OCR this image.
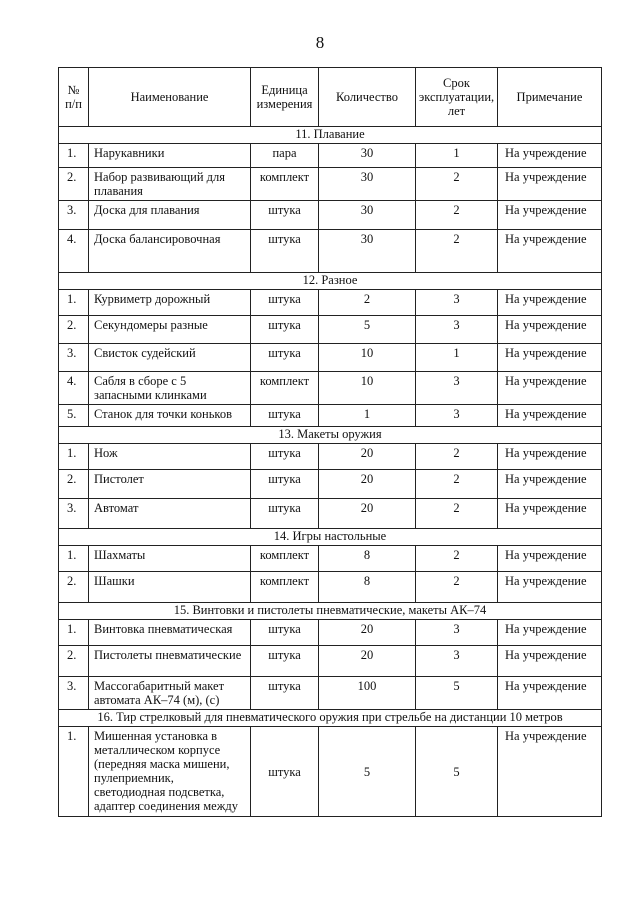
8
№ п/п	Наименование	Единица измерения	Количество	Срок эксплуатации, лет	Примечание
11. Плавание					
1.	Нарукавники	пара	30	1	На учреждение
2.	Набор развивающий для плавания	комплект	30	2	На учреждение
3.	Доска для плавания	штука	30	2	На учреждение
4.	Доска балансировочная	штука	30	2	На учреждение
12. Разное					
1.	Курвиметр дорожный	штука	2	3	На учреждение
2.	Секундомеры разные	штука	5	3	На учреждение
3.	Свисток судейский	штука	10	1	На учреждение
4.	Сабля в сборе с 5 запасными клинками	комплект	10	3	На учреждение
5.	Станок для точки коньков	штука	1	3	На учреждение
13. Макеты оружия					
1.	Нож	штука	20	2	На учреждение
2.	Пистолет	штука	20	2	На учреждение
3.	Автомат	штука	20	2	На учреждение
14. Игры настольные					
1.	Шахматы	комплект	8	2	На учреждение
2.	Шашки	комплект	8	2	На учреждение
15. Винтовки и пистолеты пневматические, макеты АК–74					
1.	Винтовка пневматическая	штука	20	3	На учреждение
2.	Пистолеты пневматические	штука	20	3	На учреждение
3.	Массогабаритный макет автомата АК–74 (м), (с)	штука	100	5	На учреждение
16. Тир стрелковый для пневматического оружия при стрельбе на дистанции 10 метров					
1.	Мишенная установка в металлическом корпусе (передняя маска мишени, пулеприемник, светодиодная подсветка, адаптер соединения между	штука	5	5	На учреждение
